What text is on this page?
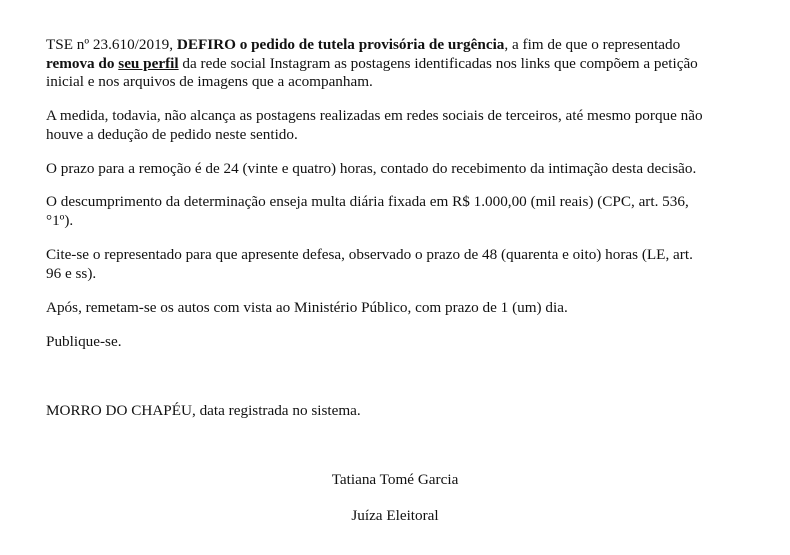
TSE nº 23.610/2019, DEFIRO o pedido de tutela provisória de urgência, a fim de que o representado
remova do seu perfil da rede social Instagram as postagens identificadas nos links que compõem a petição
inicial e nos arquivos de imagens que a acompanham.

A medida, todavia, não alcança as postagens realizadas em redes sociais de terceiros, até mesmo porque não
houve a dedução de pedido neste sentido.

O prazo para a remoção é de 24 (vinte e quatro) horas, contado do recebimento da intimação desta decisão.

O descumprimento da determinação enseja multa diária fixada em R$ 1.000,00 (mil reais) (CPC, art. 536,
°1º).

Cite-se o representado para que apresente defesa, observado o prazo de 48 (quarenta e oito) horas (LE, art.
96 e ss).

Após, remetam-se os autos com vista ao Ministério Público, com prazo de 1 (um) dia.

Publique-se.

MORRO DO CHAPÉU, data registrada no sistema.

Tatiana Tomé Garcia
Juíza Eleitoral
